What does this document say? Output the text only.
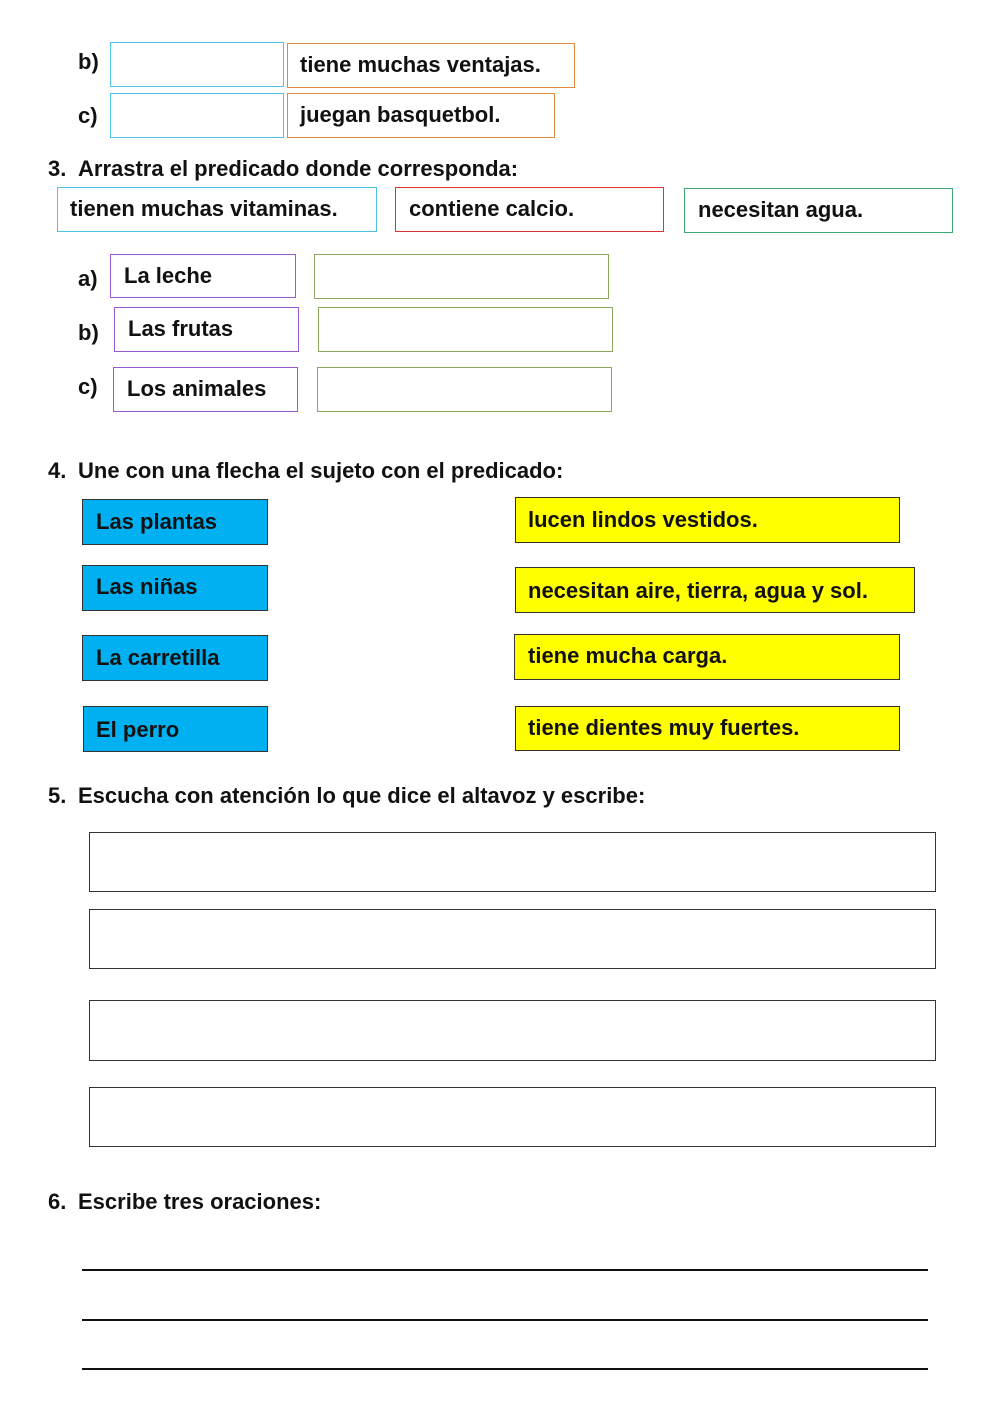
b)	tiene muchas ventajas.
c)	juegan basquetbol.
3. Arrastra el predicado donde corresponda:
tienen muchas vitaminas.	contiene calcio.	necesitan agua.
a) La leche
b) Las frutas
c) Los animales
4. Une con una flecha el sujeto con el predicado:
Las plantas
Las niñas
La carretilla
El perro
lucen lindos vestidos.
necesitan aire, tierra, agua y sol.
tiene mucha carga.
tiene dientes muy fuertes.
5. Escucha con atención lo que dice el altavoz y escribe:
6. Escribe tres oraciones:
